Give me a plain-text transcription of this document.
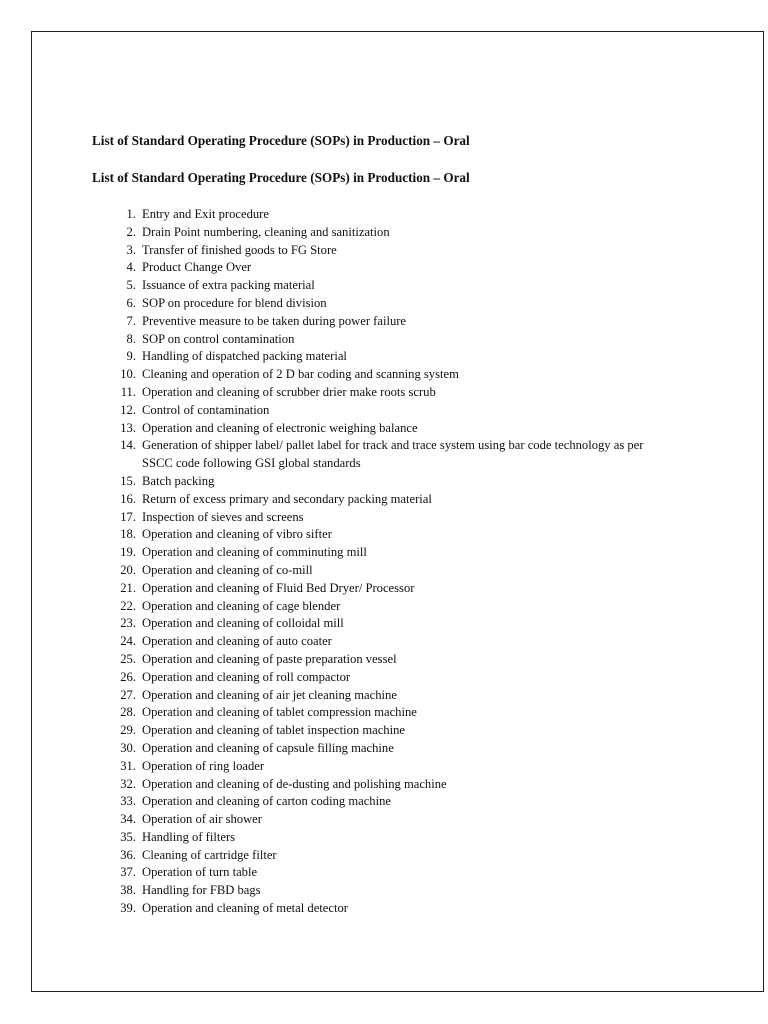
List of Standard Operating Procedure (SOPs) in Production – Oral
List of Standard Operating Procedure (SOPs) in Production – Oral
1. Entry and Exit procedure
2. Drain Point numbering, cleaning and sanitization
3. Transfer of finished goods to FG Store
4. Product Change Over
5. Issuance of extra packing material
6. SOP on procedure for blend division
7. Preventive measure to be taken during power failure
8. SOP on control contamination
9. Handling of dispatched packing material
10. Cleaning and operation of 2 D bar coding and scanning system
11. Operation and cleaning of scrubber drier make roots scrub
12. Control of contamination
13. Operation and cleaning of electronic weighing balance
14. Generation of shipper label/ pallet label for track and trace system using bar code technology as per SSCC code following GSI global standards
15. Batch packing
16. Return of excess primary and secondary packing material
17. Inspection of sieves and screens
18. Operation and cleaning of vibro sifter
19. Operation and cleaning of comminuting mill
20. Operation and cleaning of co-mill
21. Operation and cleaning of Fluid Bed Dryer/ Processor
22. Operation and cleaning of cage blender
23. Operation and cleaning of colloidal mill
24. Operation and cleaning of auto coater
25. Operation and cleaning of paste preparation vessel
26. Operation and cleaning of roll compactor
27. Operation and cleaning of air jet cleaning machine
28. Operation and cleaning of tablet compression machine
29. Operation and cleaning of tablet inspection machine
30. Operation and cleaning of capsule filling machine
31. Operation of ring loader
32. Operation and cleaning of de-dusting and polishing machine
33. Operation and cleaning of carton coding machine
34. Operation of air shower
35. Handling of filters
36. Cleaning of cartridge filter
37. Operation of turn table
38. Handling for FBD bags
39. Operation and cleaning of metal detector
